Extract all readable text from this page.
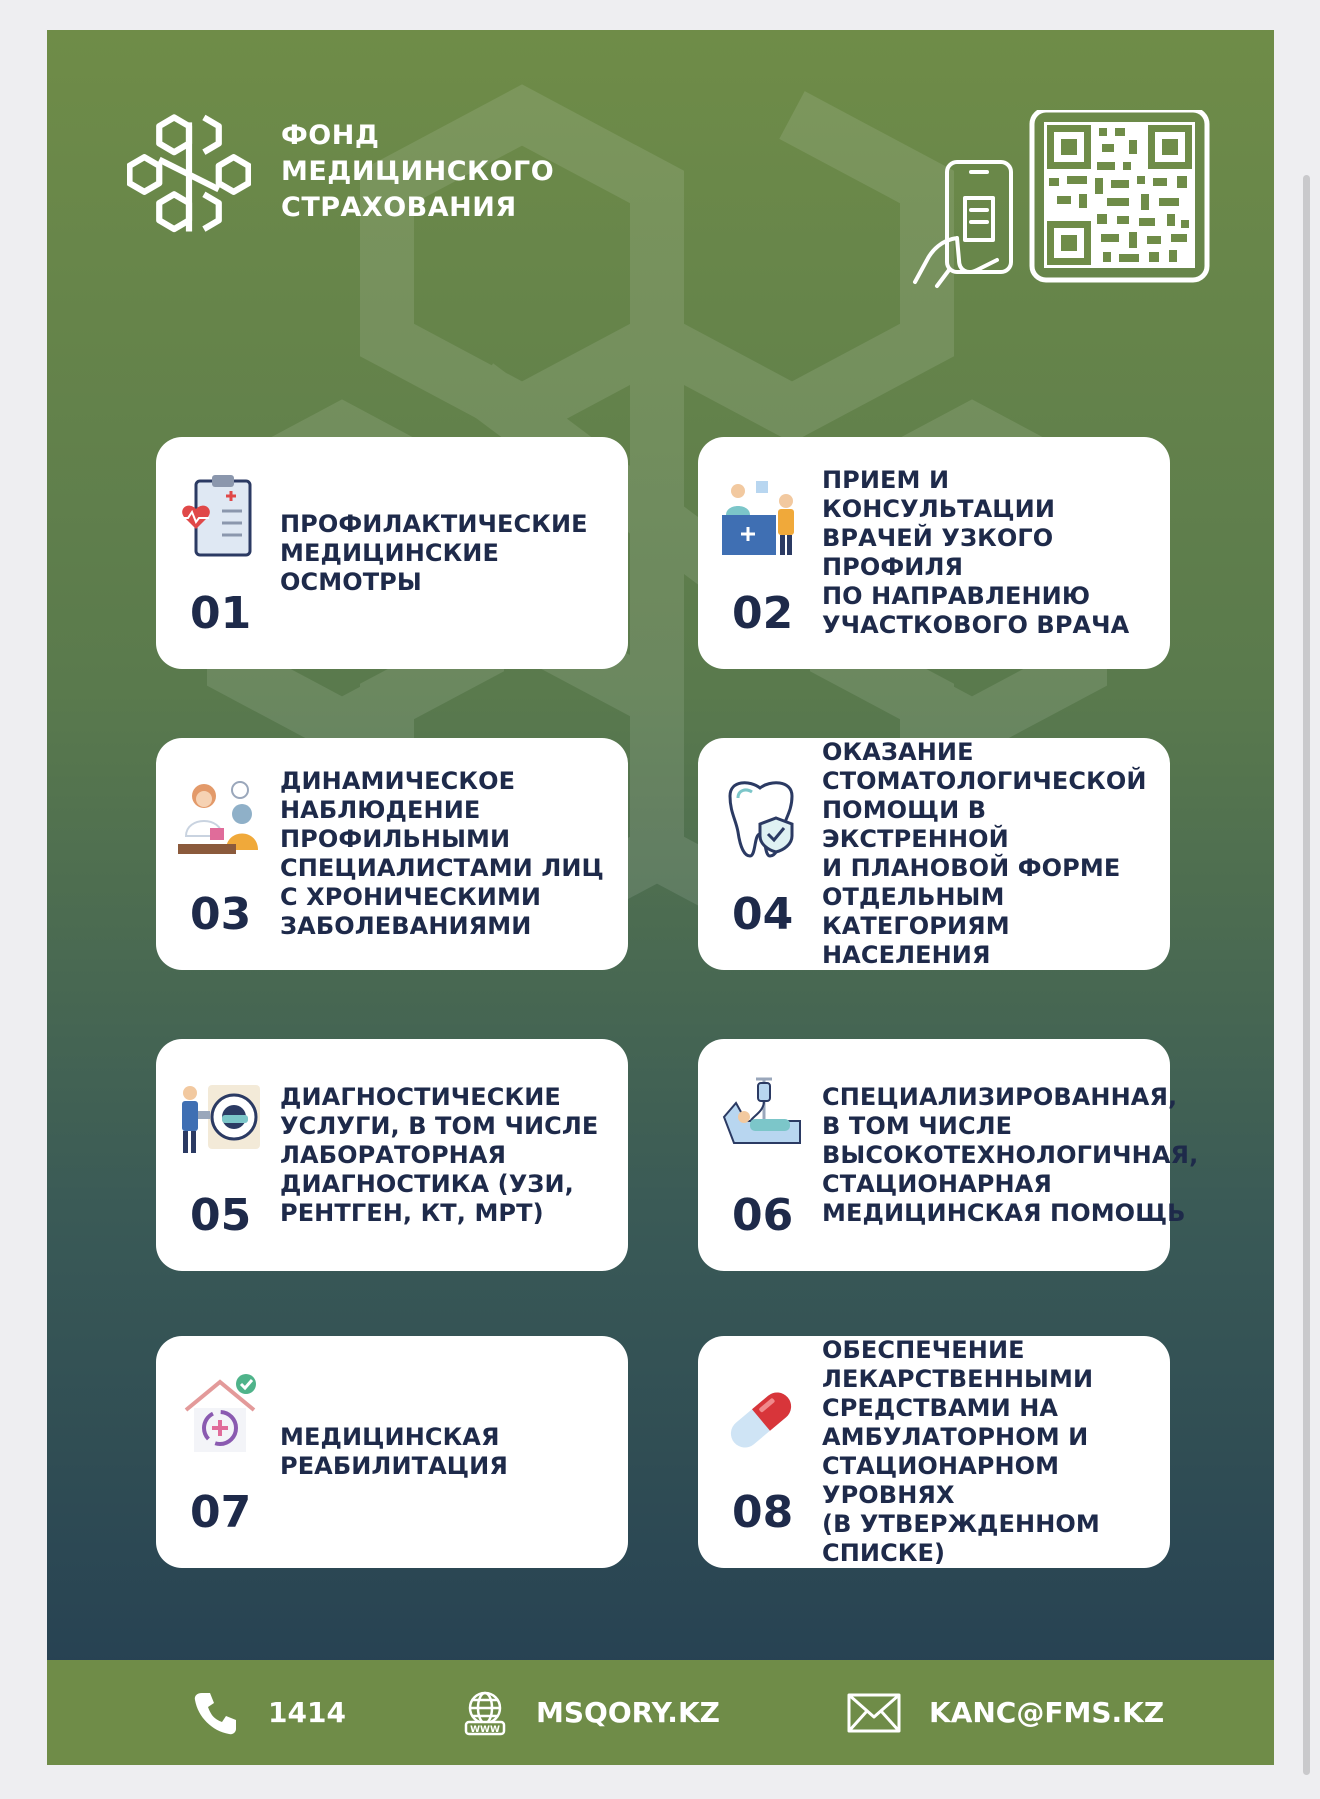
ФОНД
МЕДИЦИНСКОГО
СТРАХОВАНИЯ
01
ПРОФИЛАКТИЧЕСКИЕ
МЕДИЦИНСКИЕ
ОСМОТРЫ
02
ПРИЕМ И КОНСУЛЬТАЦИИ
ВРАЧЕЙ УЗКОГО ПРОФИЛЯ
ПО НАПРАВЛЕНИЮ
УЧАСТКОВОГО ВРАЧА
03
ДИНАМИЧЕСКОЕ
НАБЛЮДЕНИЕ
ПРОФИЛЬНЫМИ
СПЕЦИАЛИСТАМИ ЛИЦ
С ХРОНИЧЕСКИМИ
ЗАБОЛЕВАНИЯМИ	04
ОКАЗАНИЕ
СТОМАТОЛОГИЧЕСКОЙ
ПОМОЩИ В ЭКСТРЕННОЙ
И ПЛАНОВОЙ ФОРМЕ
ОТДЕЛЬНЫМ КАТЕГОРИЯМ
НАСЕЛЕНИЯ
05
ДИАГНОСТИЧЕСКИЕ
УСЛУГИ, В ТОМ ЧИСЛЕ
ЛАБОРАТОРНАЯ
ДИАГНОСТИКА (УЗИ,
РЕНТГЕН, КТ, МРТ)	06
СПЕЦИАЛИЗИРОВАННАЯ,
В ТОМ ЧИСЛЕ
ВЫСОКОТЕХНОЛОГИЧНАЯ,
СТАЦИОНАРНАЯ
МЕДИЦИНСКАЯ ПОМОЩЬ
07
МЕДИЦИНСКАЯ
РЕАБИЛИТАЦИЯ
08
ОБЕСПЕЧЕНИЕ
ЛЕКАРСТВЕННЫМИ
СРЕДСТВАМИ НА
АМБУЛАТОРНОМ И
СТАЦИОНАРНОМ УРОВНЯХ
(В УТВЕРЖДЕННОМ СПИСКЕ)
1414
WWW
MSQORY.KZ	KANC@FMS.KZ
